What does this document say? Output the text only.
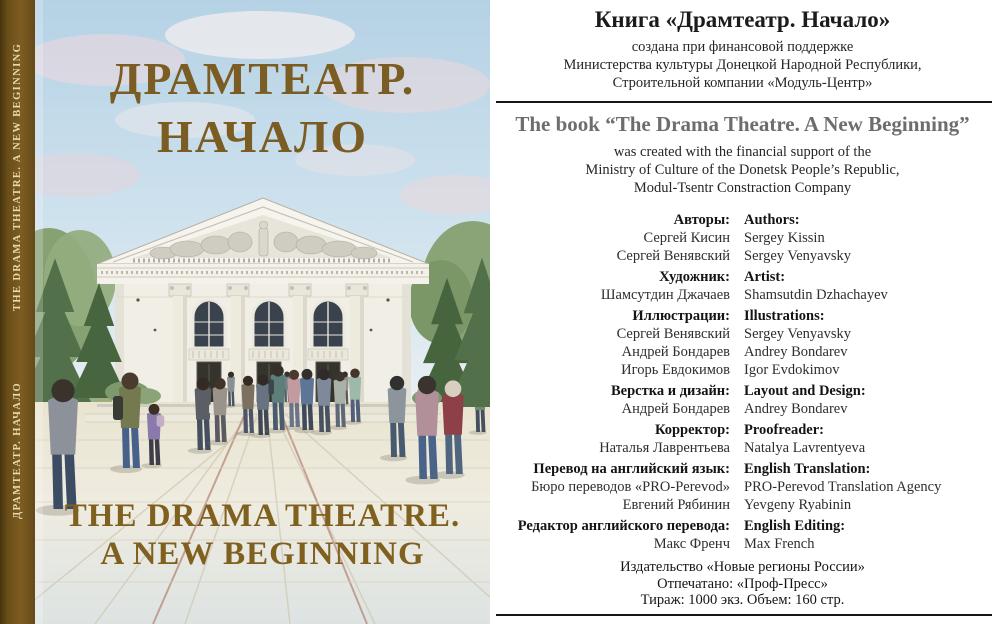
THE DRAMA THEATRE. A NEW BEGINNING
ДРАМТЕАТР. НАЧАЛО
ДРАМТЕАТР.
НАЧАЛО
THE DRAMA THEATRE.
A NEW BEGINNING
Книга «Драмтеатр. Начало»
создана при финансовой поддержке
Министерства культуры Донецкой Народной Республики,
Строительной компании «Модуль-Центр»
The book “The Drama Theatre. A New Beginning”
was created with the financial support of the
Ministry of Culture of the Donetsk People’s Republic,
Modul-Tsentr Constraction Company
Авторы: Authors:
Сергей Кисин Sergey Kissin
Сергей Венявский Sergey Venyavsky
Художник: Artist:
Шамсутдин Джачаев Shamsutdin Dzhachayev
Иллюстрации: Illustrations:
Сергей Венявский Sergey Venyavsky
Андрей Бондарев Andrey Bondarev
Игорь Евдокимов Igor Evdokimov
Верстка и дизайн: Layout and Design:
Андрей Бондарев Andrey Bondarev
Корректор: Proofreader:
Наталья Лаврентьева Natalya Lavrentyeva
Перевод на английский язык: English Translation:
Бюро переводов «PRO-Perevod» PRO-Perevod Translation Agency
Евгений Рябинин Yevgeny Ryabinin
Редактор английского перевода: English Editing:
Макс Френч Max French
Издательство «Новые регионы России»
Отпечатано: «Проф-Пресс»
Тираж: 1000 экз. Объем: 160 стр.
